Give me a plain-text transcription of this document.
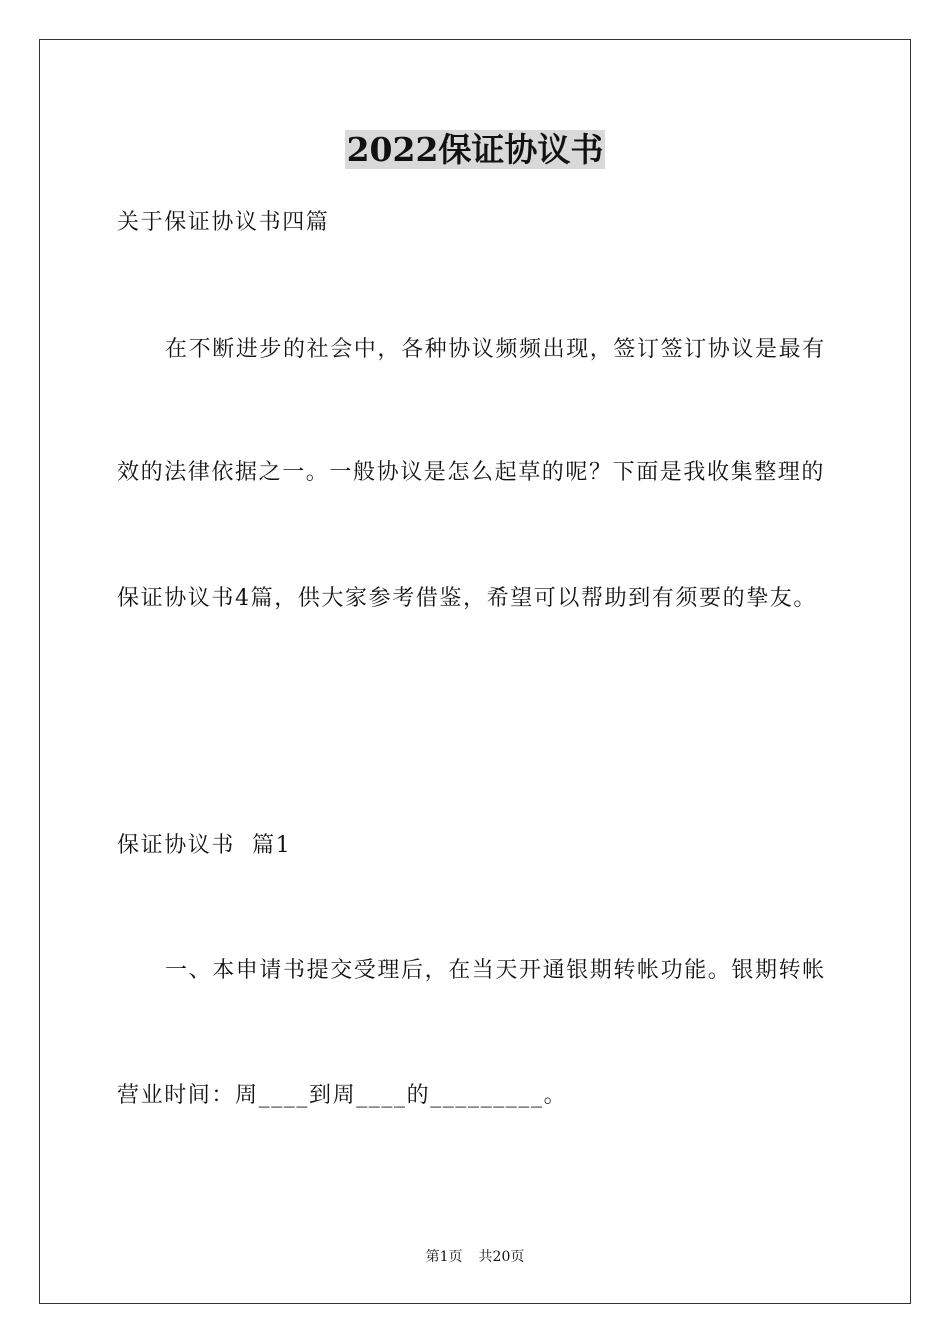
2022保证协议书
关于保证协议书四篇
在不断进步的社会中，各种协议频频出现，签订签订协议是最有
效的法律依据之一。一般协议是怎么起草的呢？下面是我收集整理的
保证协议书4篇，供大家参考借鉴，希望可以帮助到有须要的挚友。
保证协议书  篇1
一、本申请书提交受理后，在当天开通银期转帐功能。银期转帐
营业时间：周____到周____的_________。
第1页 共20页
